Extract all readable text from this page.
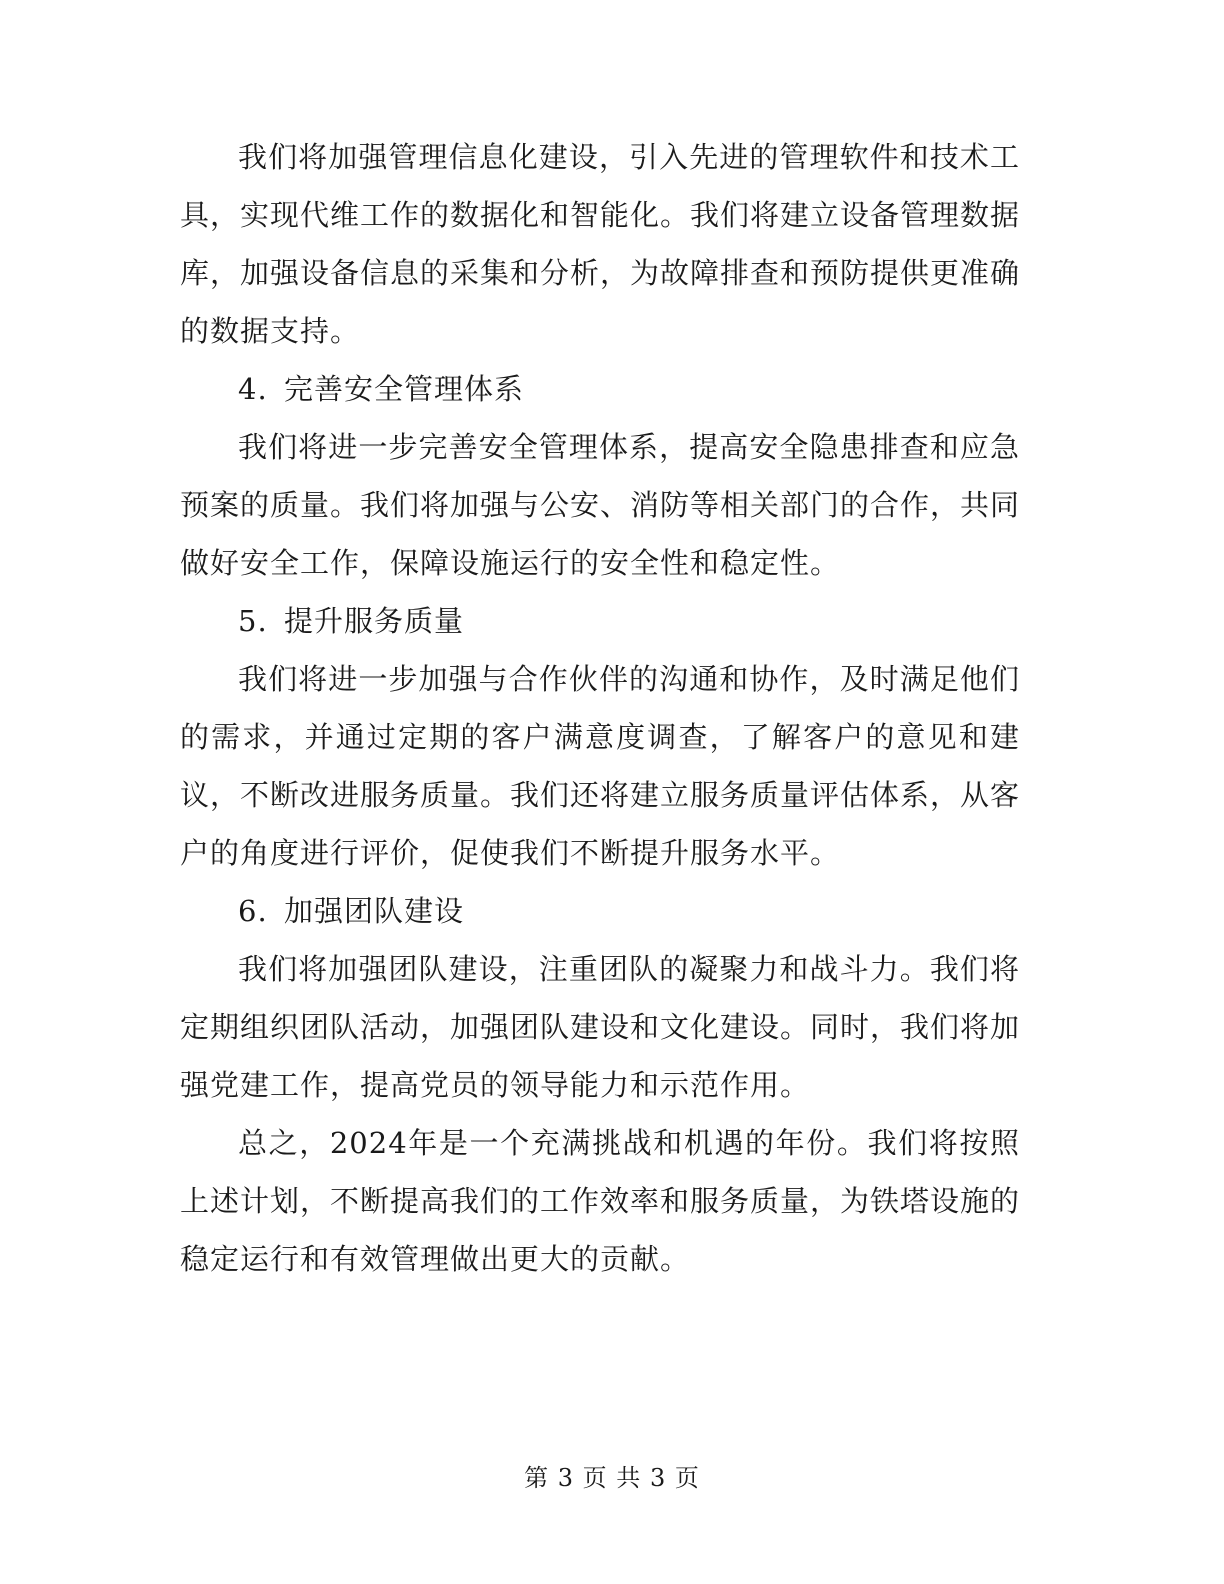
我们将加强管理信息化建设，引入先进的管理软件和技术工具，实现代维工作的数据化和智能化。我们将建立设备管理数据库，加强设备信息的采集和分析，为故障排查和预防提供更准确的数据支持。

4. 完善安全管理体系

我们将进一步完善安全管理体系，提高安全隐患排查和应急预案的质量。我们将加强与公安、消防等相关部门的合作，共同做好安全工作，保障设施运行的安全性和稳定性。

5. 提升服务质量

我们将进一步加强与合作伙伴的沟通和协作，及时满足他们的需求，并通过定期的客户满意度调查，了解客户的意见和建议，不断改进服务质量。我们还将建立服务质量评估体系，从客户的角度进行评价，促使我们不断提升服务水平。

6. 加强团队建设

我们将加强团队建设，注重团队的凝聚力和战斗力。我们将定期组织团队活动，加强团队建设和文化建设。同时，我们将加强党建工作，提高党员的领导能力和示范作用。

总之，2024年是一个充满挑战和机遇的年份。我们将按照上述计划，不断提高我们的工作效率和服务质量，为铁塔设施的稳定运行和有效管理做出更大的贡献。

第 3 页 共 3 页
